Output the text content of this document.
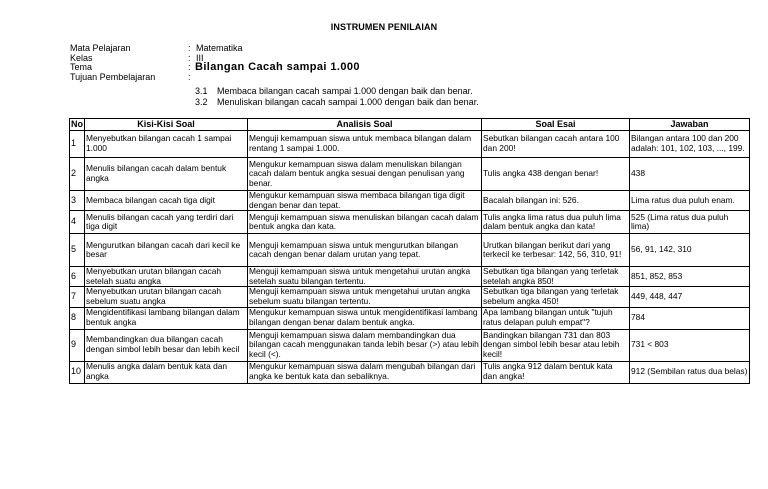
INSTRUMEN PENILAIAN
Mata Pelajaran	: Matematika
Kelas	: III
Tema	: Bilangan Cacah sampai 1.000
Tujuan Pembelajaran	:
3.1	Membaca bilangan cacah sampai 1.000 dengan baik dan benar.
3.2	Menuliskan bilangan cacah sampai 1.000 dengan baik dan benar.
No	Kisi-Kisi Soal	Analisis Soal	Soal Esai	Jawaban
1	Menyebutkan bilangan cacah 1 sampai 1.000	Menguji kemampuan siswa untuk membaca bilangan dalam rentang 1 sampai 1.000.	Sebutkan bilangan cacah antara 100 dan 200!	Bilangan antara 100 dan 200 adalah: 101, 102, 103, ..., 199.
2	Menulis bilangan cacah dalam bentuk angka	Mengukur kemampuan siswa dalam menuliskan bilangan cacah dalam bentuk angka sesuai dengan penulisan yang benar.	Tulis angka 438 dengan benar!	438
3	Membaca bilangan cacah tiga digit	Mengukur kemampuan siswa membaca bilangan tiga digit dengan benar dan tepat.	Bacalah bilangan ini: 526.	Lima ratus dua puluh enam.
4	Menulis bilangan cacah yang terdiri dari tiga digit	Menguji kemampuan siswa menuliskan bilangan cacah dalam bentuk angka dan kata.	Tulis angka lima ratus dua puluh lima dalam bentuk angka dan kata!	525 (Lima ratus dua puluh lima)
5	Mengurutkan bilangan cacah dari kecil ke besar	Menguji kemampuan siswa untuk mengurutkan bilangan cacah dengan benar dalam urutan yang tepat.	Urutkan bilangan berikut dari yang terkecil ke terbesar: 142, 56, 310, 91!	56, 91, 142, 310
6	Menyebutkan urutan bilangan cacah setelah suatu angka	Menguji kemampuan siswa untuk mengetahui urutan angka setelah suatu bilangan tertentu.	Sebutkan tiga bilangan yang terletak setelah angka 850!	851, 852, 853
7	Menyebutkan urutan bilangan cacah sebelum suatu angka	Menguji kemampuan siswa untuk mengetahui urutan angka sebelum suatu bilangan tertentu.	Sebutkan tiga bilangan yang terletak sebelum angka 450!	449, 448, 447
8	Mengidentifikasi lambang bilangan dalam bentuk angka	Mengukur kemampuan siswa untuk mengidentifikasi lambang bilangan dengan benar dalam bentuk angka.	Apa lambang bilangan untuk "tujuh ratus delapan puluh empat"?	784
9	Membandingkan dua bilangan cacah dengan simbol lebih besar dan lebih kecil	Menguji kemampuan siswa dalam membandingkan dua bilangan cacah menggunakan tanda lebih besar (>) atau lebih kecil (<).	Bandingkan bilangan 731 dan 803 dengan simbol lebih besar atau lebih kecil!	731 < 803
10	Menulis angka dalam bentuk kata dan angka	Mengukur kemampuan siswa dalam mengubah bilangan dari angka ke bentuk kata dan sebaliknya.	Tulis angka 912 dalam bentuk kata dan angka!	912 (Sembilan ratus dua belas)
